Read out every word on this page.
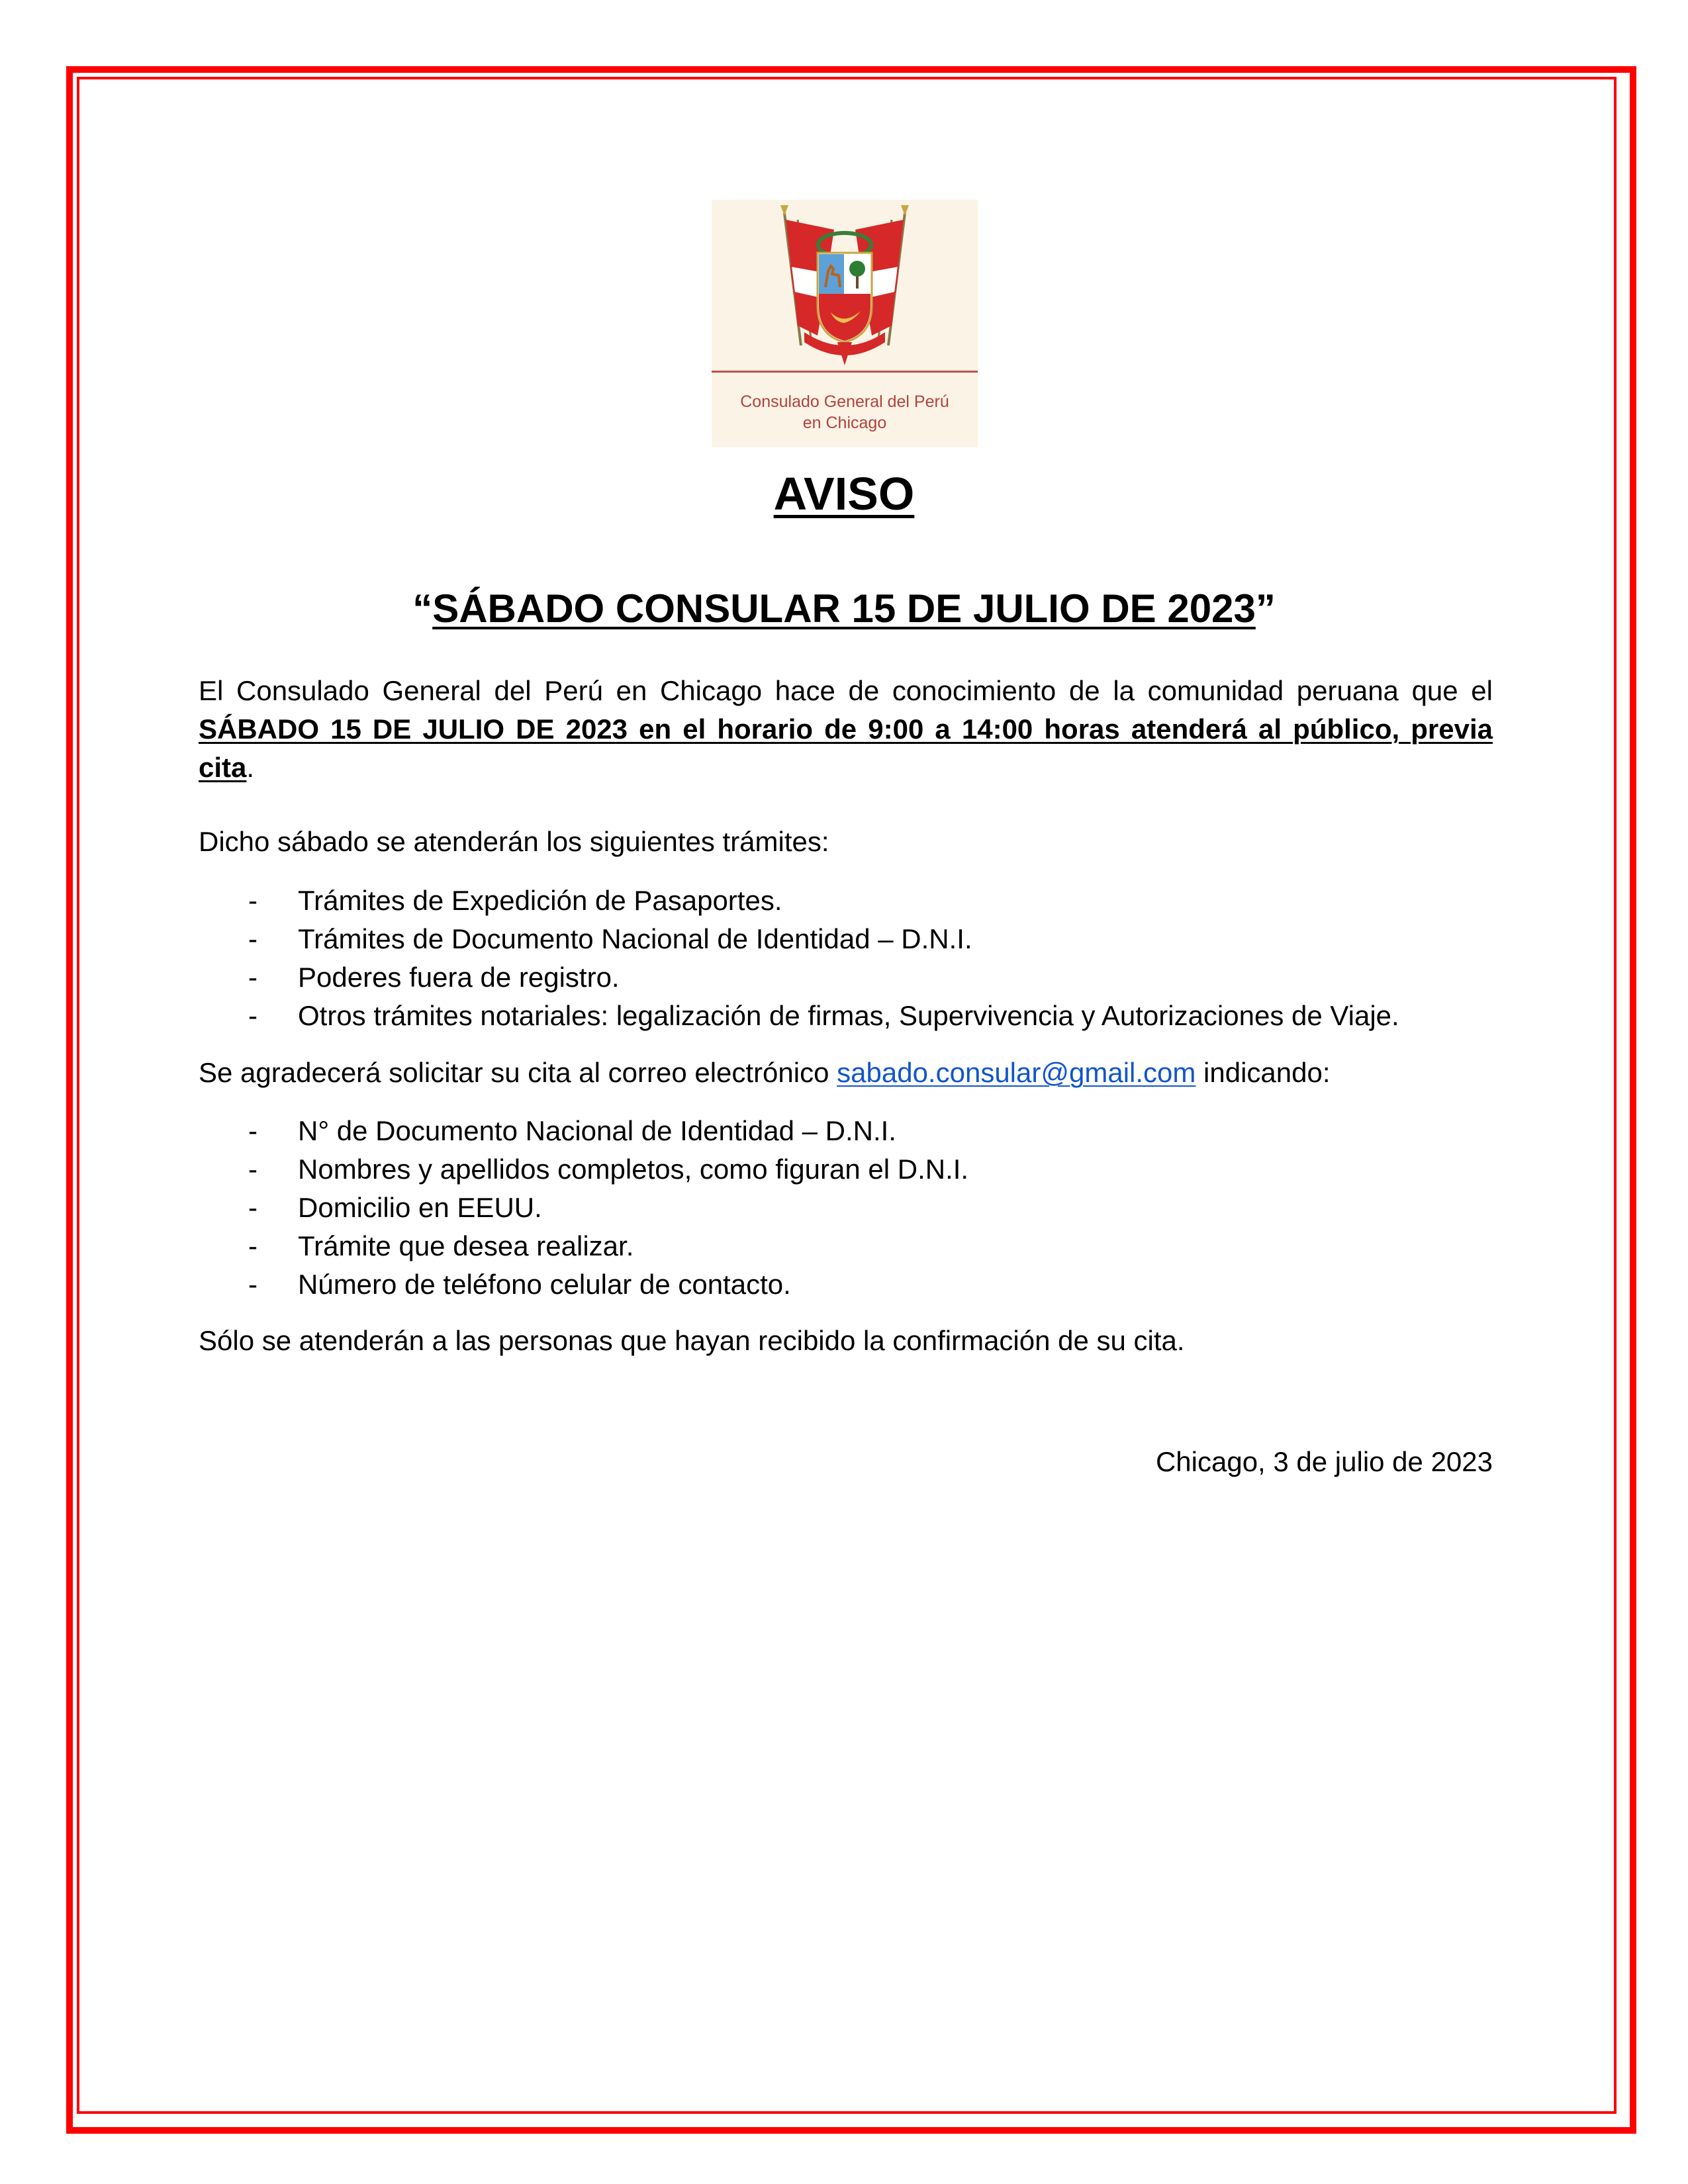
Consulado General del Perú
en Chicago
AVISO
“SÁBADO CONSULAR 15 DE JULIO DE 2023”
El Consulado General del Perú en Chicago hace de conocimiento de la comunidad peruana que el SÁBADO 15 DE JULIO DE 2023 en el horario de 9:00 a 14:00 horas atenderá al público, previa cita.
Dicho sábado se atenderán los siguientes trámites:
- Trámites de Expedición de Pasaportes.
- Trámites de Documento Nacional de Identidad – D.N.I.
- Poderes fuera de registro.
- Otros trámites notariales: legalización de firmas, Supervivencia y Autorizaciones de Viaje.
Se agradecerá solicitar su cita al correo electrónico sabado.consular@gmail.com indicando:
- N° de Documento Nacional de Identidad – D.N.I.
- Nombres y apellidos completos, como figuran el D.N.I.
- Domicilio en EEUU.
- Trámite que desea realizar.
- Número de teléfono celular de contacto.
Sólo se atenderán a las personas que hayan recibido la confirmación de su cita.
Chicago, 3 de julio de 2023
